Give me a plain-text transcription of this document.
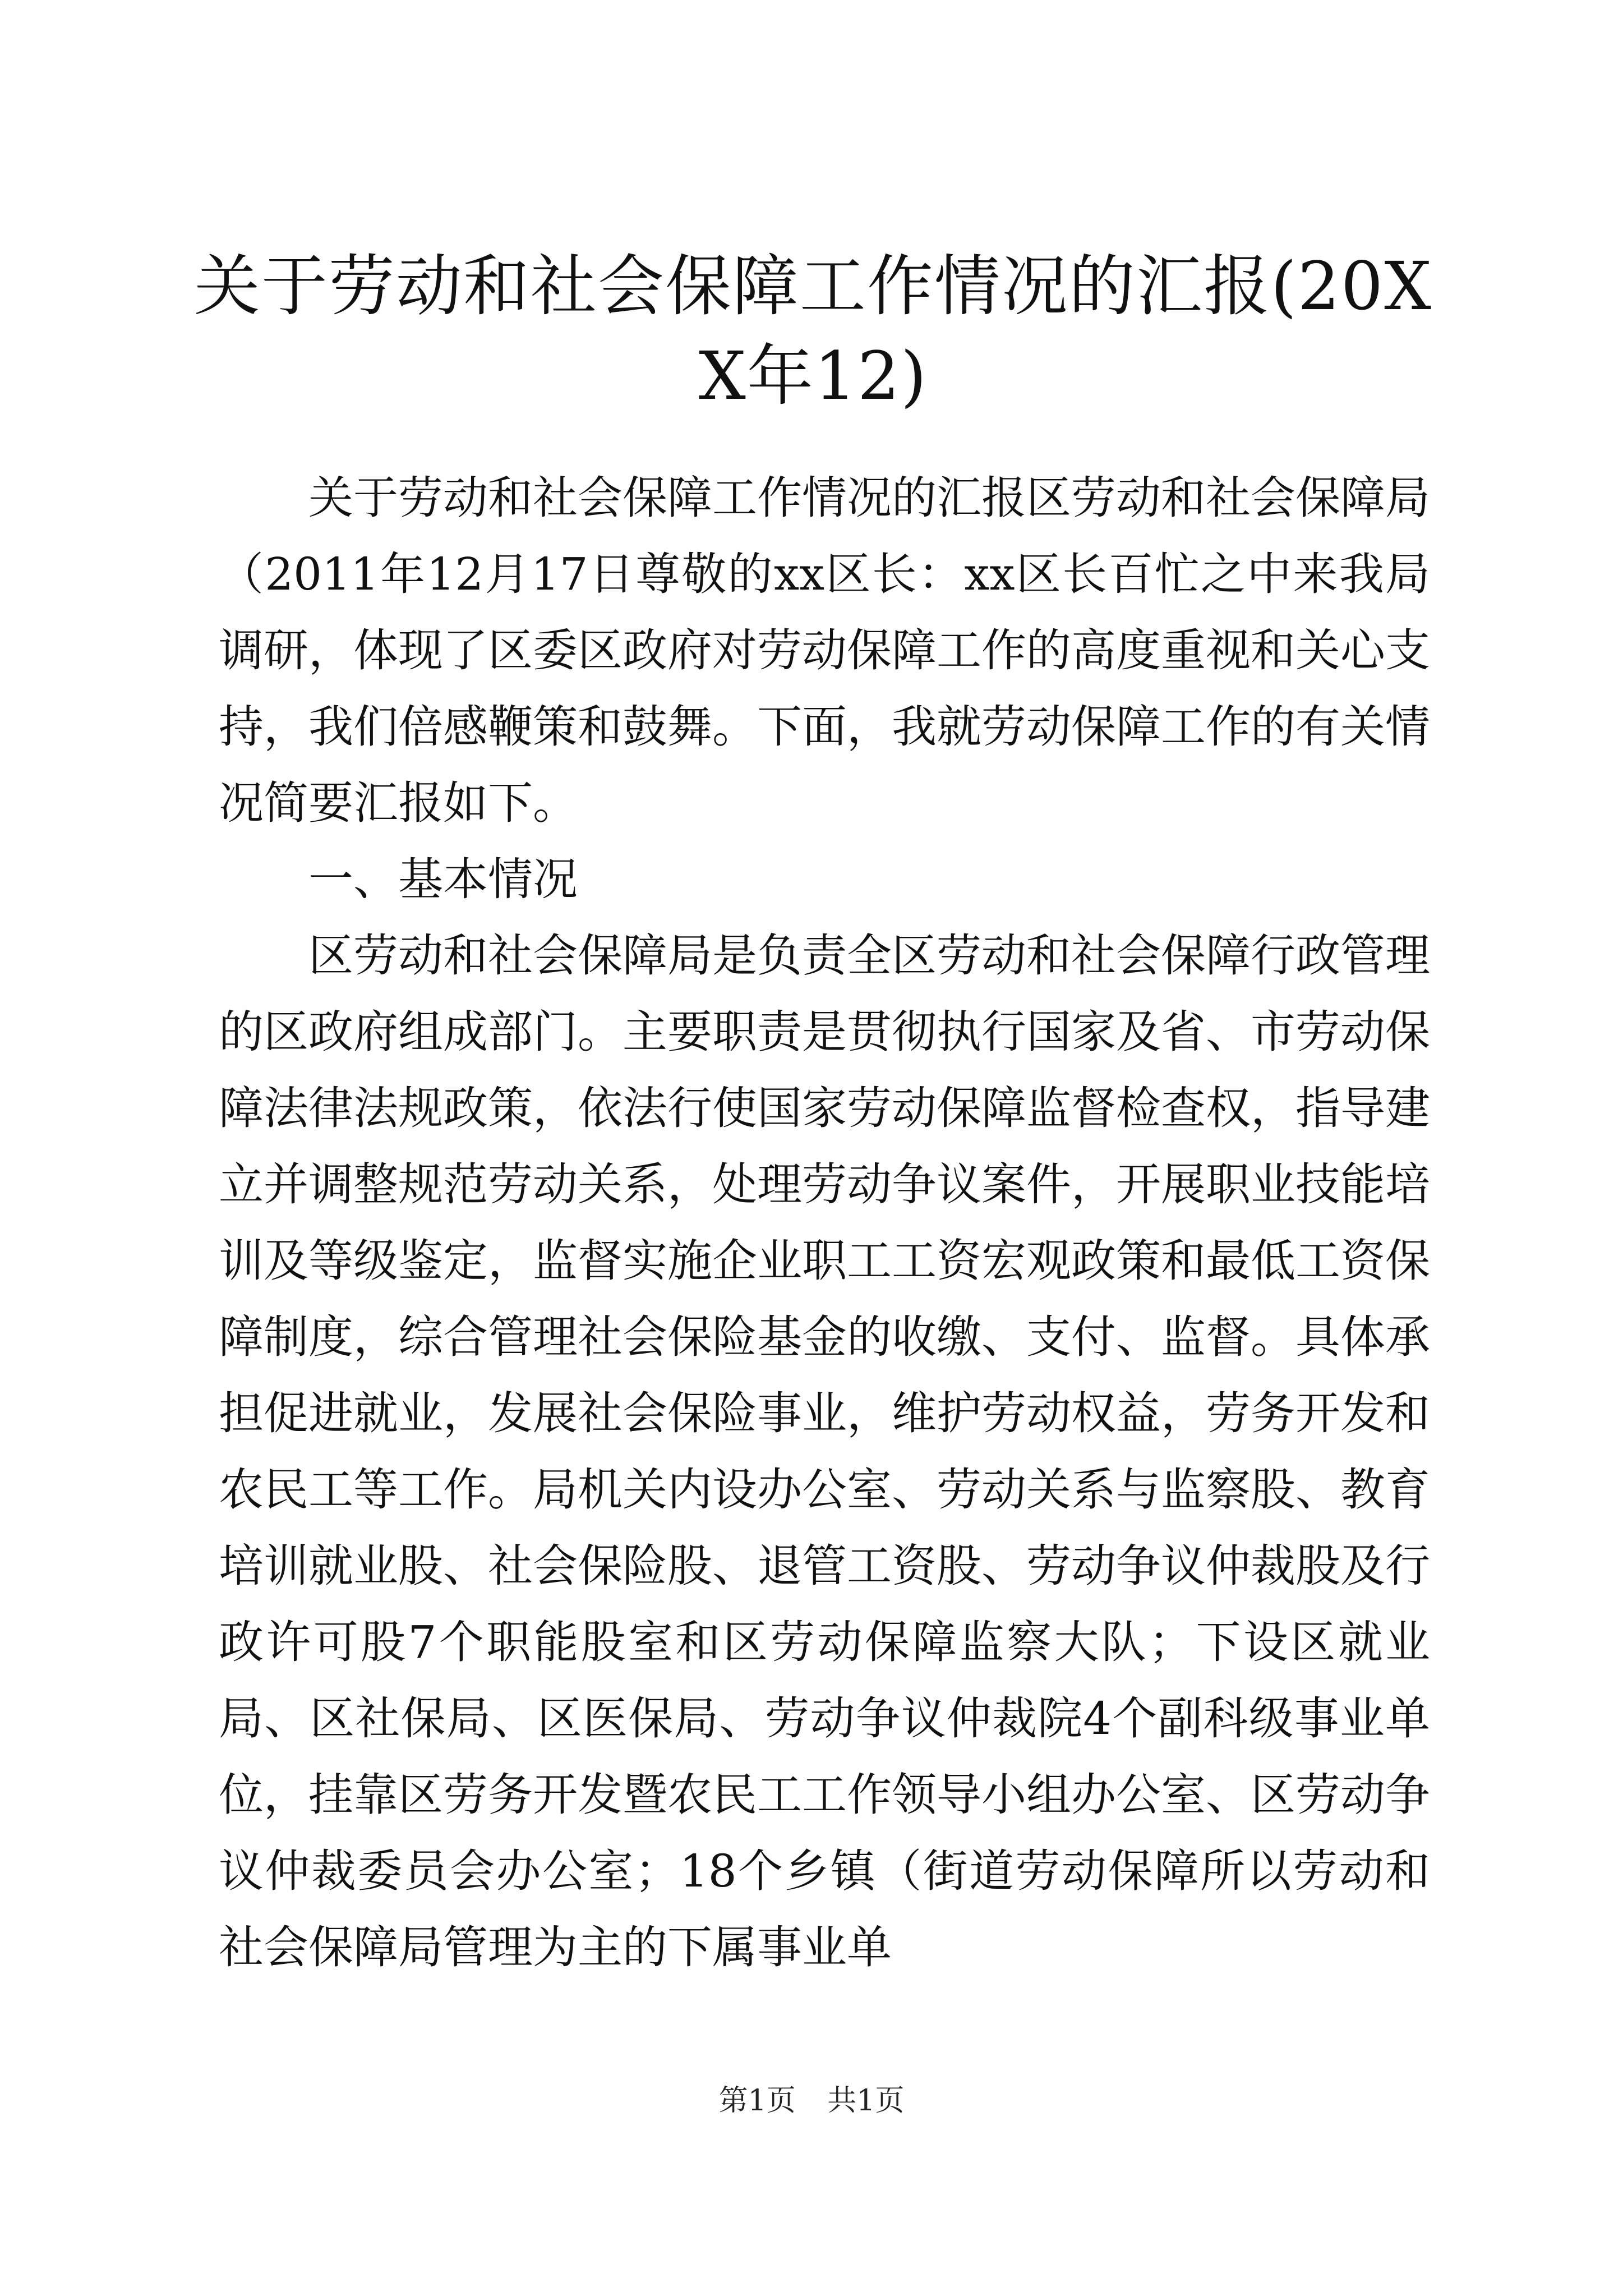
关于劳动和社会保障工作情况的汇报(20XX年12)

关于劳动和社会保障工作情况的汇报区劳动和社会保障局（2011年12月17日尊敬的xx区长：xx区长百忙之中来我局调研，体现了区委区政府对劳动保障工作的高度重视和关心支持，我们倍感鞭策和鼓舞。下面，我就劳动保障工作的有关情况简要汇报如下。

一、基本情况

区劳动和社会保障局是负责全区劳动和社会保障行政管理的区政府组成部门。主要职责是贯彻执行国家及省、市劳动保障法律法规政策，依法行使国家劳动保障监督检查权，指导建立并调整规范劳动关系，处理劳动争议案件，开展职业技能培训及等级鉴定，监督实施企业职工工资宏观政策和最低工资保障制度，综合管理社会保险基金的收缴、支付、监督。具体承担促进就业，发展社会保险事业，维护劳动权益，劳务开发和农民工等工作。局机关内设办公室、劳动关系与监察股、教育培训就业股、社会保险股、退管工资股、劳动争议仲裁股及行政许可股7个职能股室和区劳动保障监察大队；下设区就业局、区社保局、区医保局、劳动争议仲裁院4个副科级事业单位，挂靠区劳务开发暨农民工工作领导小组办公室、区劳动争议仲裁委员会办公室；18个乡镇（街道劳动保障所以劳动和社会保障局管理为主的下属事业单

第1页 共1页
